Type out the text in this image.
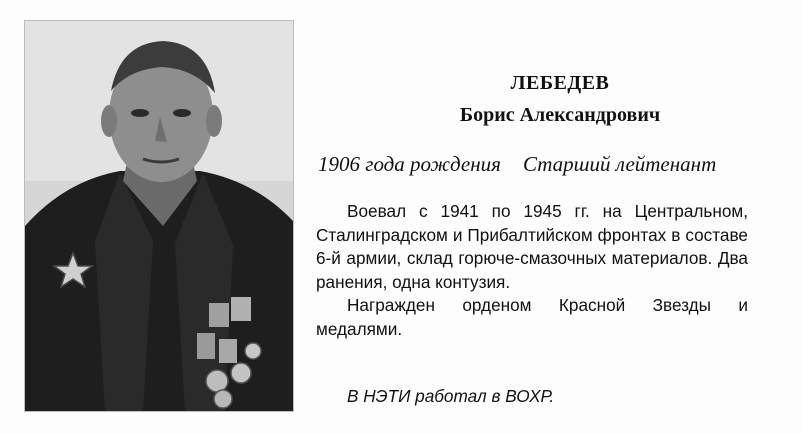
ЛЕБЕДЕВ
Борис Александрович
1906 года рождения Старший лейтенант

Воевал с 1941 по 1945 гг. на Центральном, Сталинградском и Прибалтийском фронтах в составе 6-й армии, склад горюче-смазочных материалов. Два ранения, одна контузия.

Награжден орденом Красной Звезды и медалями.

В НЭТИ работал в ВОХР.
